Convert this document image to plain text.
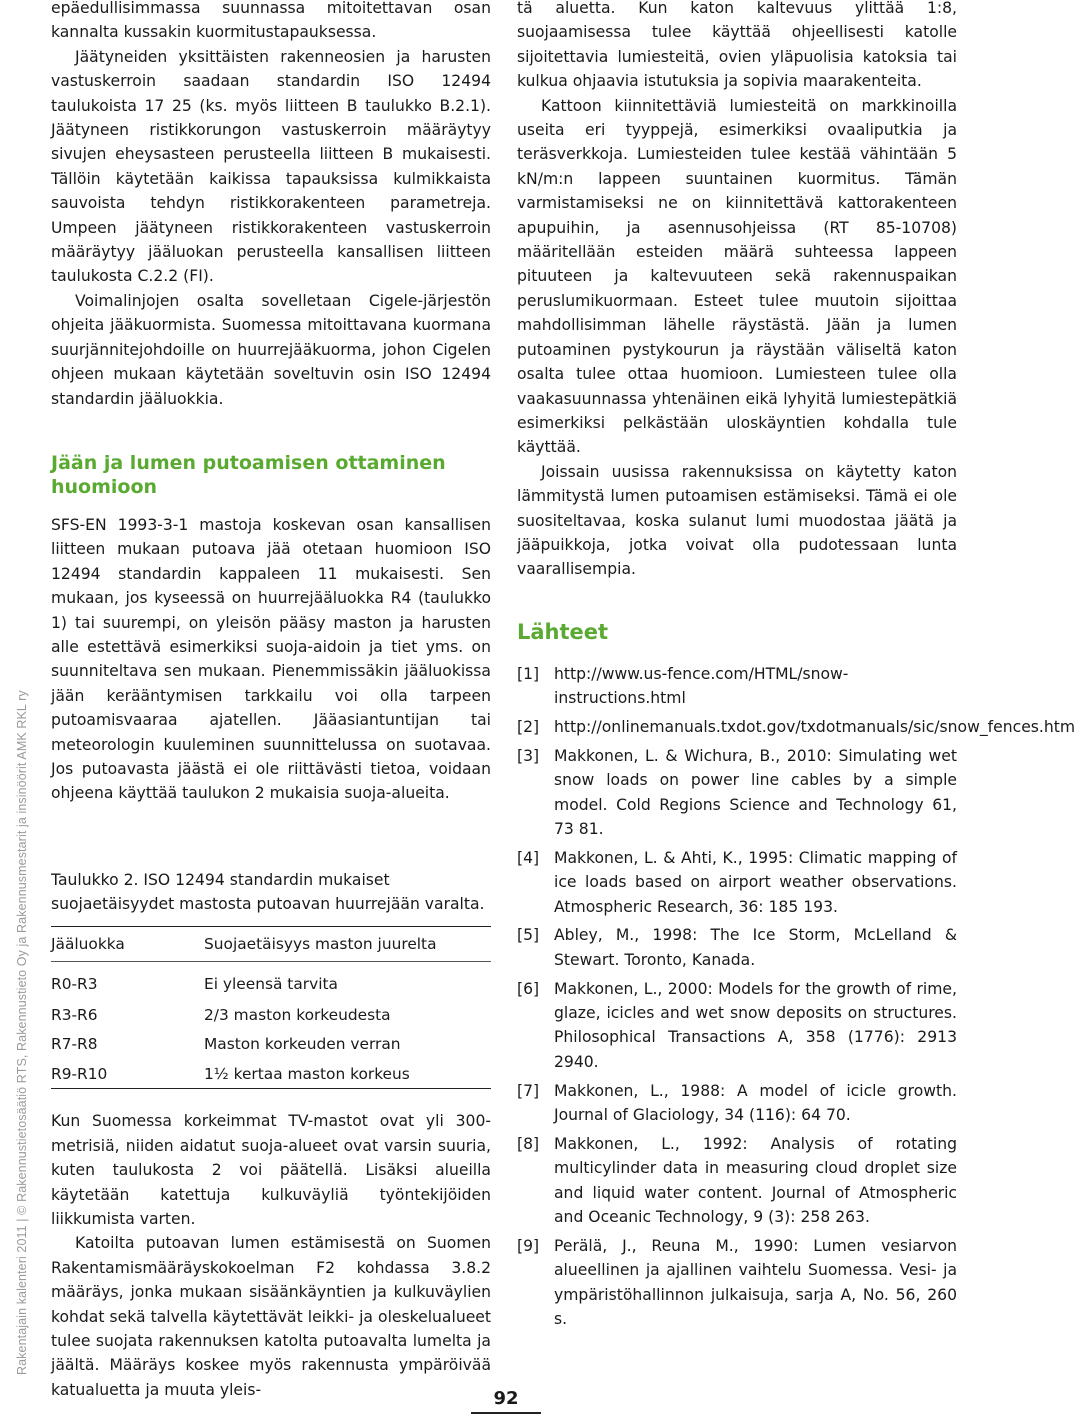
Rakentajain kalenteri 2011 | © Rakennustietosäätiö RTS, Rakennustieto Oy ja Rakennusmestarit ja insinöörit AMK RKL ry

epäedullisimmassa suunnassa mitoitettavan osan kannalta kussakin kuormitustapauksessa.

Jäätyneiden yksittäisten rakenneosien ja harusten vastuskerroin saadaan standardin ISO 12494 taulukoista 17 25 (ks. myös liitteen B taulukko B.2.1). Jäätyneen ristikkorungon vastuskerroin määräytyy sivujen eheysasteen perusteella liitteen B mukaisesti. Tällöin käytetään kaikissa tapauksissa kulmikkaista sauvoista tehdyn ristikkorakenteen parametreja. Umpeen jäätyneen ristikkorakenteen vastuskerroin määräytyy jääluokan perusteella kansallisen liitteen taulukosta C.2.2 (FI).

Voimalinjojen osalta sovelletaan Cigele-järjestön ohjeita jääkuormista. Suomessa mitoittavana kuormana suurjännitejohdoille on huurrejääkuorma, johon Cigelen ohjeen mukaan käytetään soveltuvin osin ISO 12494 standardin jääluokkia.

Jään ja lumen putoamisen ottaminen huomioon

SFS-EN 1993-3-1 mastoja koskevan osan kansallisen liitteen mukaan putoava jää otetaan huomioon ISO 12494 standardin kappaleen 11 mukaisesti. Sen mukaan, jos kyseessä on huurrejääluokka R4 (taulukko 1) tai suurempi, on yleisön pääsy maston ja harusten alle estettävä esimerkiksi suoja-aidoin ja tiet yms. on suunniteltava sen mukaan. Pienemmissäkin jääluokissa jään kerääntymisen tarkkailu voi olla tarpeen putoamisvaaraa ajatellen. Jääasiantuntijan tai meteorologin kuuleminen suunnittelussa on suotavaa. Jos putoavasta jäästä ei ole riittävästi tietoa, voidaan ohjeena käyttää taulukon 2 mukaisia suoja-alueita.

Taulukko 2. ISO 12494 standardin mukaiset suojaetäisyydet mastosta putoavan huurrejään varalta.
Jääluokka	Suojaetäisyys maston juurelta
R0-R3	Ei yleensä tarvita
R3-R6	2/3 maston korkeudesta
R7-R8	Maston korkeuden verran
R9-R10	1½ kertaa maston korkeus

Kun Suomessa korkeimmat TV-mastot ovat yli 300-metrisiä, niiden aidatut suoja-alueet ovat varsin suuria, kuten taulukosta 2 voi päätellä. Lisäksi alueilla käytetään katettuja kulkuväyliä työntekijöiden liikkumista varten.

Katoilta putoavan lumen estämisestä on Suomen Rakentamismääräyskokoelman F2 kohdassa 3.8.2 määräys, jonka mukaan sisäänkäyntien ja kulkuväylien kohdat sekä talvella käytettävät leikki- ja oleskelualueet tulee suojata rakennuksen katolta putoavalta lumelta ja jäältä. Määräys koskee myös rakennusta ympäröivää katualuetta ja muuta yleis-

tä aluetta. Kun katon kaltevuus ylittää 1:8, suojaamisessa tulee käyttää ohjeellisesti katolle sijoitettavia lumiesteitä, ovien yläpuolisia katoksia tai kulkua ohjaavia istutuksia ja sopivia maarakenteita.

Kattoon kiinnitettäviä lumiesteitä on markkinoilla useita eri tyyppejä, esimerkiksi ovaaliputkia ja teräsverkkoja. Lumiesteiden tulee kestää vähintään 5 kN/m:n lappeen suuntainen kuormitus. Tämän varmistamiseksi ne on kiinnitettävä kattorakenteen apupuihin, ja asennusohjeissa (RT 85-10708) määritellään esteiden määrä suhteessa lappeen pituuteen ja kaltevuuteen sekä rakennuspaikan peruslumikuormaan. Esteet tulee muutoin sijoittaa mahdollisimman lähelle räystästä. Jään ja lumen putoaminen pystykourun ja räystään väliseltä katon osalta tulee ottaa huomioon. Lumiesteen tulee olla vaakasuunnassa yhtenäinen eikä lyhyitä lumiestepätkiä esimerkiksi pelkästään uloskäyntien kohdalla tule käyttää.

Joissain uusissa rakennuksissa on käytetty katon lämmitystä lumen putoamisen estämiseksi. Tämä ei ole suositeltavaa, koska sulanut lumi muodostaa jäätä ja jääpuikkoja, jotka voivat olla pudotessaan lunta vaarallisempia.

Lähteet
[1] http://www.us-fence.com/HTML/snow-instructions.html
[2] http://onlinemanuals.txdot.gov/txdotmanuals/sic/snow_fences.htm
[3] Makkonen, L. & Wichura, B., 2010: Simulating wet snow loads on power line cables by a simple model. Cold Regions Science and Technology 61, 73 81.
[4] Makkonen, L. & Ahti, K., 1995: Climatic mapping of ice loads based on airport weather observations. Atmospheric Research, 36: 185 193.
[5] Abley, M., 1998: The Ice Storm, McLelland & Stewart. Toronto, Kanada.
[6] Makkonen, L., 2000: Models for the growth of rime, glaze, icicles and wet snow deposits on structures. Philosophical Transactions A, 358 (1776): 2913 2940.
[7] Makkonen, L., 1988: A model of icicle growth. Journal of Glaciology, 34 (116): 64 70.
[8] Makkonen, L., 1992: Analysis of rotating multicylinder data in measuring cloud droplet size and liquid water content. Journal of Atmospheric and Oceanic Technology, 9 (3): 258 263.
[9] Perälä, J., Reuna M., 1990: Lumen vesiarvon alueellinen ja ajallinen vaihtelu Suomessa. Vesi- ja ympäristöhallinnon julkaisuja, sarja A, No. 56, 260 s.
92
